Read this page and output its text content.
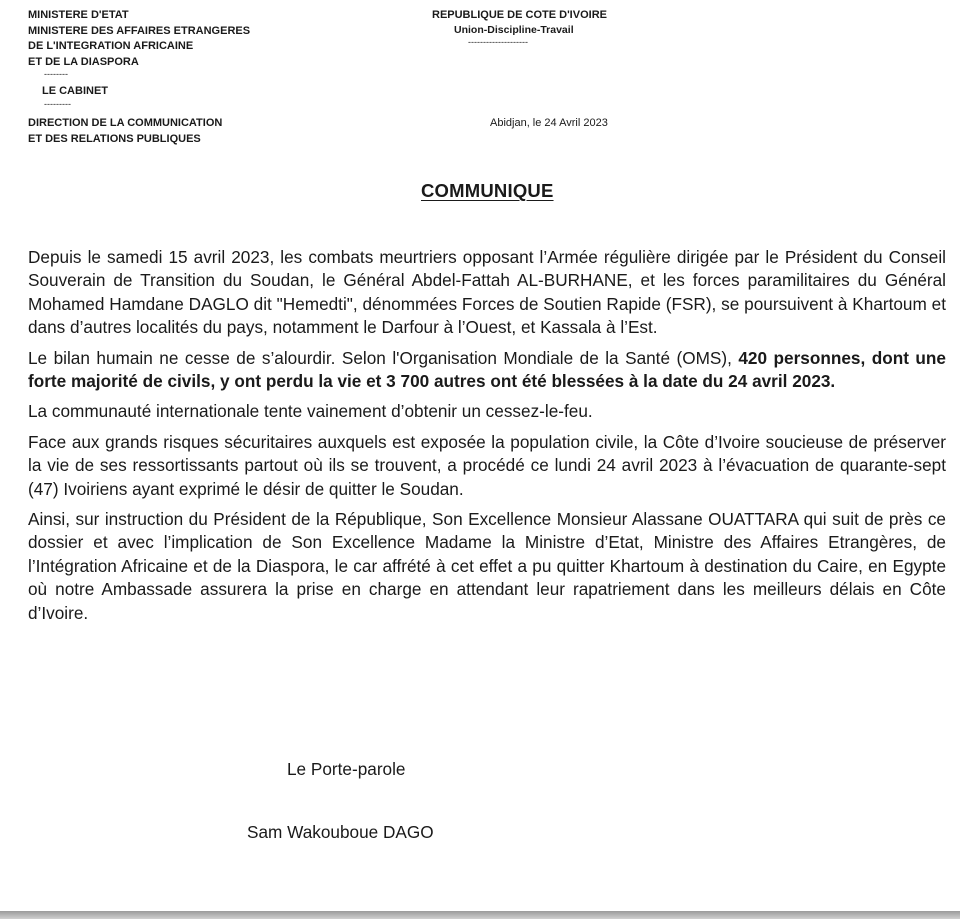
MINISTERE D'ETAT
MINISTERE DES AFFAIRES ETRANGERES
DE L'INTEGRATION AFRICAINE
ET DE LA DIASPORA
--------
LE CABINET
---------
DIRECTION DE LA COMMUNICATION
ET DES RELATIONS PUBLIQUES
REPUBLIQUE DE COTE D'IVOIRE
Union-Discipline-Travail
--------------------
Abidjan, le 24 Avril 2023
COMMUNIQUE

Depuis le samedi 15 avril 2023, les combats meurtriers opposant l’Armée régulière dirigée par le Président du Conseil Souverain de Transition du Soudan, le Général Abdel-Fattah AL-BURHANE, et les forces paramilitaires du Général Mohamed Hamdane DAGLO dit "Hemedti", dénommées Forces de Soutien Rapide (FSR), se poursuivent à Khartoum et dans d’autres localités du pays, notamment le Darfour à l’Ouest, et Kassala à l’Est.

Le bilan humain ne cesse de s’alourdir. Selon l'Organisation Mondiale de la Santé (OMS), 420 personnes, dont une forte majorité de civils, y ont perdu la vie et 3 700 autres ont été blessées à la date du 24 avril 2023.

La communauté internationale tente vainement d’obtenir un cessez-le-feu.

Face aux grands risques sécuritaires auxquels est exposée la population civile, la Côte d’Ivoire soucieuse de préserver la vie de ses ressortissants partout où ils se trouvent, a procédé ce lundi 24 avril 2023 à l’évacuation de quarante-sept (47) Ivoiriens ayant exprimé le désir de quitter le Soudan.

Ainsi, sur instruction du Président de la République, Son Excellence Monsieur Alassane OUATTARA qui suit de près ce dossier et avec l’implication de Son Excellence Madame la Ministre d’Etat, Ministre des Affaires Etrangères, de l’Intégration Africaine et de la Diaspora, le car affrété à cet effet a pu quitter Khartoum à destination du Caire, en Egypte où notre Ambassade assurera la prise en charge en attendant leur rapatriement dans les meilleurs délais en Côte d’Ivoire.

Le Porte-parole
Sam Wakouboue DAGO
